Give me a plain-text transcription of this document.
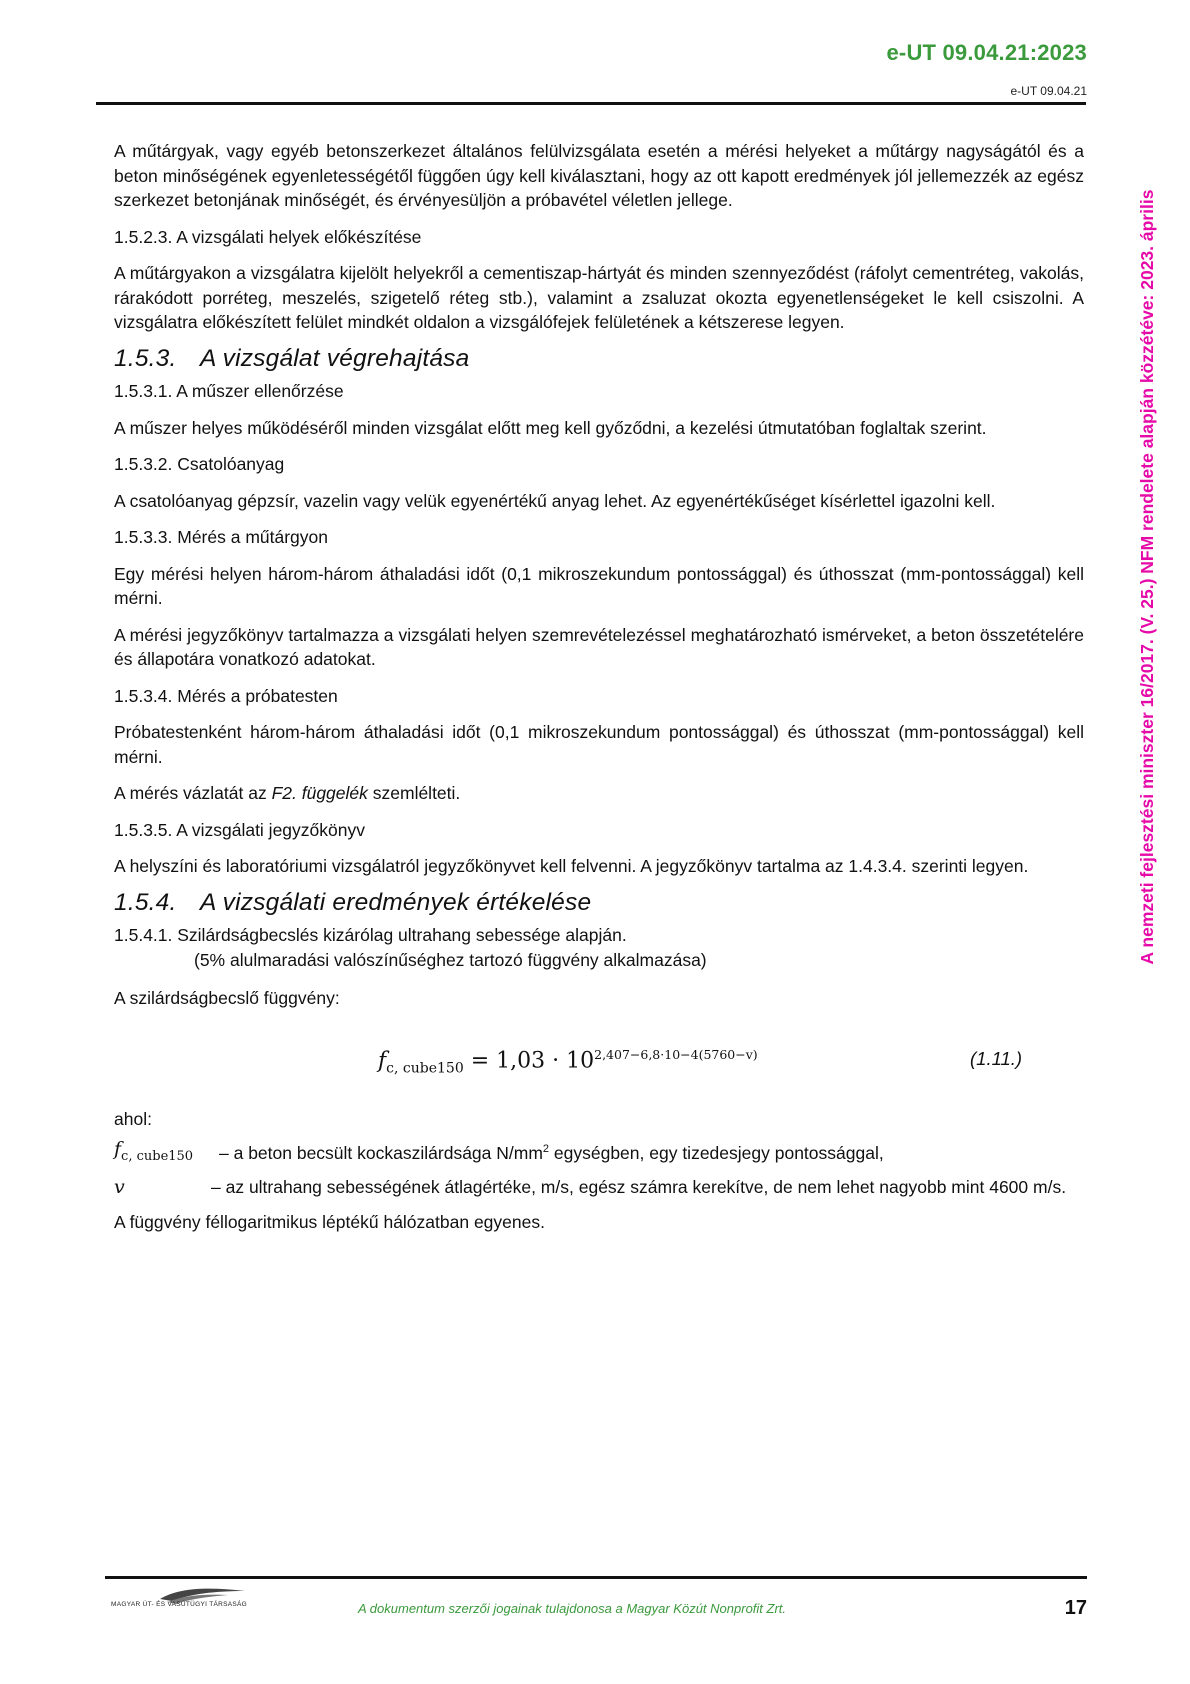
e-UT 09.04.21:2023
e-UT 09.04.21
A nemzeti fejlesztési miniszter 16/2017. (V. 25.) NFM rendelete alapján közzétéve: 2023. április

A műtárgyak, vagy egyéb betonszerkezet általános felülvizsgálata esetén a mérési helyeket a műtárgy nagyságától és a beton minőségének egyenletességétől függően úgy kell kiválasztani, hogy az ott kapott eredmények jól jellemezzék az egész szerkezet betonjának minőségét, és érvényesüljön a próbavétel véletlen jellege.

1.5.2.3. A vizsgálati helyek előkészítése

A műtárgyakon a vizsgálatra kijelölt helyekről a cementiszap-hártyát és minden szennyeződést (ráfolyt cementréteg, vakolás, rárakódott porréteg, meszelés, szigetelő réteg stb.), valamint a zsaluzat okozta egyenetlenségeket le kell csiszolni. A vizsgálatra előkészített felület mindkét oldalon a vizsgálófejek felületének a kétszerese legyen.

1.5.3. A vizsgálat végrehajtása

1.5.3.1. A műszer ellenőrzése

A műszer helyes működéséről minden vizsgálat előtt meg kell győződni, a kezelési útmutatóban foglaltak szerint.

1.5.3.2. Csatolóanyag

A csatolóanyag gépzsír, vazelin vagy velük egyenértékű anyag lehet. Az egyenértékűséget kísérlettel igazolni kell.

1.5.3.3. Mérés a műtárgyon

Egy mérési helyen három-három áthaladási időt (0,1 mikroszekundum pontossággal) és úthosszat (mm-pontossággal) kell mérni.

A mérési jegyzőkönyv tartalmazza a vizsgálati helyen szemrevételezéssel meghatározható ismérveket, a beton összetételére és állapotára vonatkozó adatokat.

1.5.3.4. Mérés a próbatesten

Próbatestenként három-három áthaladási időt (0,1 mikroszekundum pontossággal) és úthosszat (mm-pontossággal) kell mérni.

A mérés vázlatát az F2. függelék szemlélteti.

1.5.3.5. A vizsgálati jegyzőkönyv

A helyszíni és laboratóriumi vizsgálatról jegyzőkönyvet kell felvenni. A jegyzőkönyv tartalma az 1.4.3.4. szerinti legyen.

1.5.4. A vizsgálati eredmények értékelése
1.5.4.1. Szilárdságbecslés kizárólag ultrahang sebessége alapján.
(5% alulmaradási valószínűséghez tartozó függvény alkalmazása)

A szilárdságbecslő függvény:

$f_{c, cube150} = 1,03 \cdot 10^{2,407-6,8\cdot 10-4(5760-v)}$	(1.11.)
ahol:
$f_{c, cube150}$	– a beton becsült kockaszilárdsága $N/mm^2$ egységben, egy tizedesjegy pontossággal,
v	– az ultrahang sebességének átlagértéke, m/s, egész számra kerekítve, de nem lehet nagyobb mint 4600 m/s.

A függvény féllogaritmikus léptékű hálózatban egyenes.

MAGYAR ÚT- ÉS VASÚTÜGYI TÁRSASÁG	A dokumentum szerzői jogainak tulajdonosa a Magyar Közút Nonprofit Zrt.	17
